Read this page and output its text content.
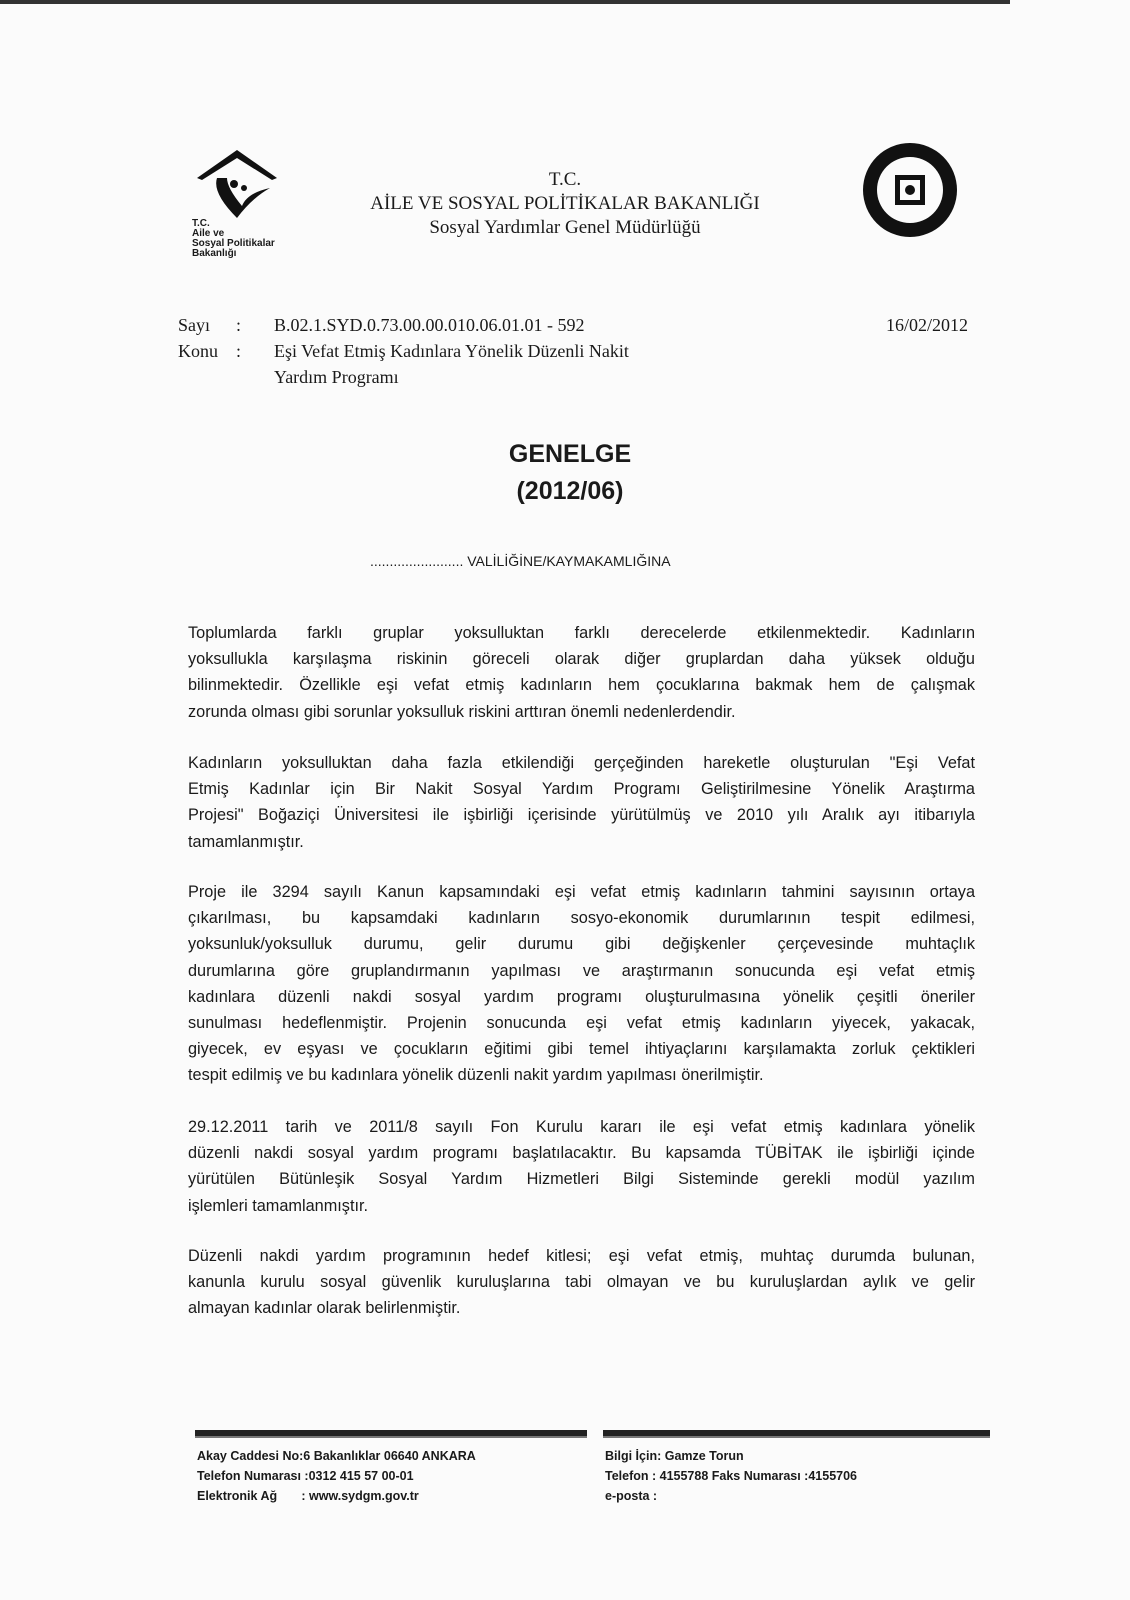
T.C.
Aile ve
Sosyal Politikalar
Bakanlığı
T.C.
AİLE VE SOSYAL POLİTİKALAR BAKANLIĞI
Sosyal Yardımlar Genel Müdürlüğü
Sayı : B.02.1.SYD.0.73.00.00.010.06.01.01 - 592	16/02/2012
Konu : Eşi Vefat Etmiş Kadınlara Yönelik Düzenli Nakit
Yardım Programı
GENELGE
(2012/06)
........................ VALİLİĞİNE/KAYMAKAMLIĞINA
Toplumlarda farklı gruplar yoksulluktan farklı derecelerde etkilenmektedir. Kadınların
yoksullukla karşılaşma riskinin göreceli olarak diğer gruplardan daha yüksek olduğu
bilinmektedir. Özellikle eşi vefat etmiş kadınların hem çocuklarına bakmak hem de çalışmak
zorunda olması gibi sorunlar yoksulluk riskini arttıran önemli nedenlerdendir.
Kadınların yoksulluktan daha fazla etkilendiği gerçeğinden hareketle oluşturulan "Eşi Vefat
Etmiş Kadınlar için Bir Nakit Sosyal Yardım Programı Geliştirilmesine Yönelik Araştırma
Projesi" Boğaziçi Üniversitesi ile işbirliği içerisinde yürütülmüş ve 2010 yılı Aralık ayı itibarıyla
tamamlanmıştır.
Proje ile 3294 sayılı Kanun kapsamındaki eşi vefat etmiş kadınların tahmini sayısının ortaya
çıkarılması, bu kapsamdaki kadınların sosyo-ekonomik durumlarının tespit edilmesi,
yoksunluk/yoksulluk durumu, gelir durumu gibi değişkenler çerçevesinde muhtaçlık
durumlarına göre gruplandırmanın yapılması ve araştırmanın sonucunda eşi vefat etmiş
kadınlara düzenli nakdi sosyal yardım programı oluşturulmasına yönelik çeşitli öneriler
sunulması hedeflenmiştir. Projenin sonucunda eşi vefat etmiş kadınların yiyecek, yakacak,
giyecek, ev eşyası ve çocukların eğitimi gibi temel ihtiyaçlarını karşılamakta zorluk çektikleri
tespit edilmiş ve bu kadınlara yönelik düzenli nakit yardım yapılması önerilmiştir.
29.12.2011 tarih ve 2011/8 sayılı Fon Kurulu kararı ile eşi vefat etmiş kadınlara yönelik
düzenli nakdi sosyal yardım programı başlatılacaktır. Bu kapsamda TÜBİTAK ile işbirliği içinde
yürütülen Bütünleşik Sosyal Yardım Hizmetleri Bilgi Sisteminde gerekli modül yazılım
işlemleri tamamlanmıştır.
Düzenli nakdi yardım programının hedef kitlesi; eşi vefat etmiş, muhtaç durumda bulunan,
kanunla kurulu sosyal güvenlik kuruluşlarına tabi olmayan ve bu kuruluşlardan aylık ve gelir
almayan kadınlar olarak belirlenmiştir.
Akay Caddesi No:6 Bakanlıklar 06640 ANKARA
Telefon Numarası :0312 415 57 00-01
Elektronik Ağ       : www.sydgm.gov.tr
Bilgi İçin: Gamze Torun
Telefon : 4155788 Faks Numarası :4155706
e-posta :
